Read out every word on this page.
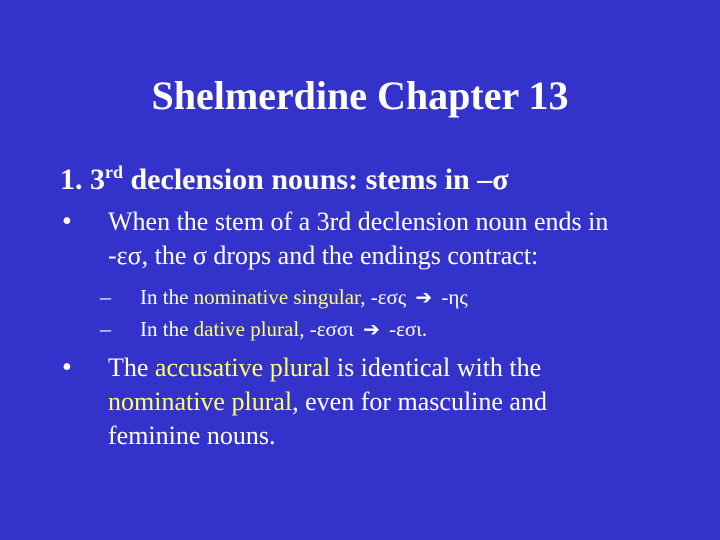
Shelmerdine Chapter 13
1. 3rd declension nouns: stems in –σ
• When the stem of a 3rd declension noun ends in
-εσ, the σ drops and the endings contract:
– In the nominative singular, -εσς ➔ -ης
– In the dative plural, -εσσι ➔ -εσι.
• The accusative plural is identical with the
nominative plural, even for masculine and
feminine nouns.
